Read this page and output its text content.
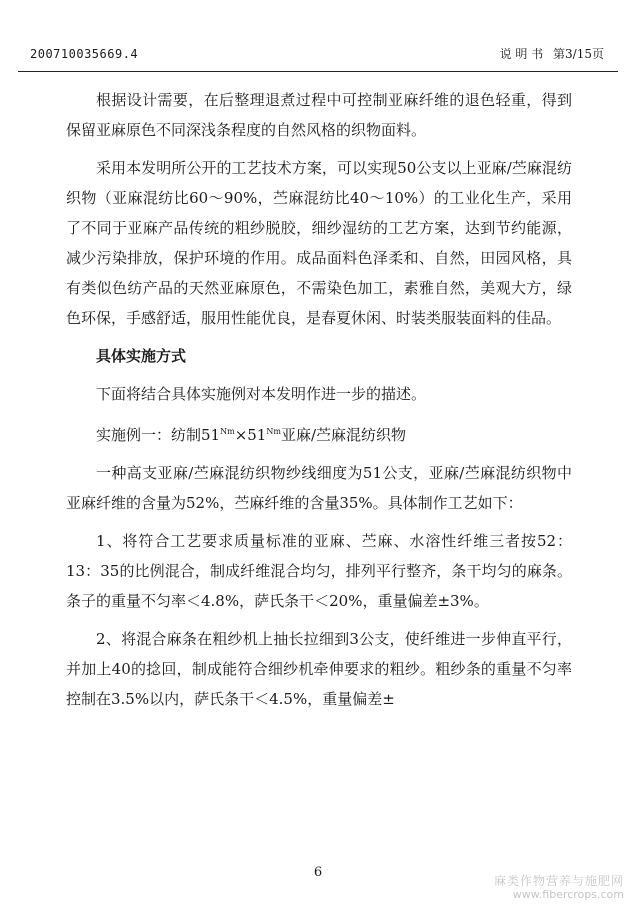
200710035669.4	说 明 书 第3/15页

根据设计需要，在后整理退煮过程中可控制亚麻纤维的退色轻重，得到保留亚麻原色不同深浅条程度的自然风格的织物面料。

采用本发明所公开的工艺技术方案，可以实现50公支以上亚麻/苎麻混纺织物（亚麻混纺比60～90%，苎麻混纺比40～10%）的工业化生产，采用了不同于亚麻产品传统的粗纱脱胶，细纱湿纺的工艺方案，达到节约能源，减少污染排放，保护环境的作用。成品面料色泽柔和、自然，田园风格，具有类似色纺产品的天然亚麻原色，不需染色加工，素雅自然，美观大方，绿色环保，手感舒适，服用性能优良，是春夏休闲、时装类服装面料的佳品。

具体实施方式

下面将结合具体实施例对本发明作进一步的描述。

实施例一：纺制$51^{Nm}\times 51^{Nm}$亚麻/苎麻混纺织物

一种高支亚麻/苎麻混纺织物纱线细度为51公支，亚麻/苎麻混纺织物中亚麻纤维的含量为52%，苎麻纤维的含量35%。具体制作工艺如下：

1、将符合工艺要求质量标准的亚麻、苎麻、水溶性纤维三者按52：13：35的比例混合，制成纤维混合均匀，排列平行整齐，条干均匀的麻条。条子的重量不匀率＜4.8%，萨氏条干＜20%，重量偏差±3%。

2、将混合麻条在粗纱机上抽长拉细到3公支，使纤维进一步伸直平行，并加上40的捻回，制成能符合细纱机牵伸要求的粗纱。粗纱条的重量不匀率控制在3.5%以内，萨氏条干＜4.5%，重量偏差±

6
麻类作物营养与施肥网
www.fibercrops.com
